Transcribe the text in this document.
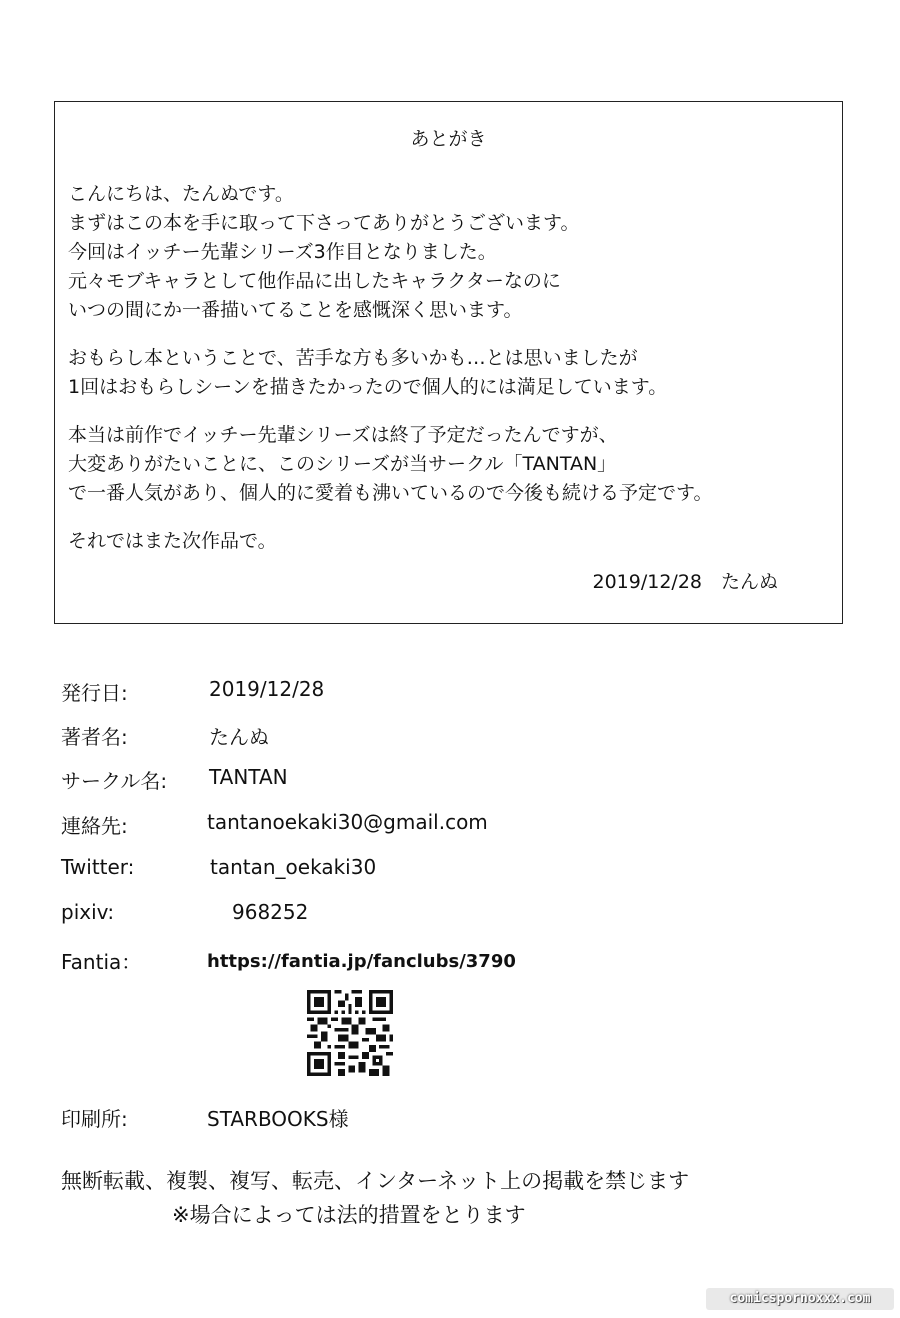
あとがき
こんにちは、たんぬです。
まずはこの本を手に取って下さってありがとうございます。
今回はイッチー先輩シリーズ3作目となりました。
元々モブキャラとして他作品に出したキャラクターなのに
いつの間にか一番描いてることを感慨深く思います。
おもらし本ということで、苦手な方も多いかも…とは思いましたが
1回はおもらしシーンを描きたかったので個人的には満足しています。
本当は前作でイッチー先輩シリーズは終了予定だったんですが、
大変ありがたいことに、このシリーズが当サークル「TANTAN」
で一番人気があり、個人的に愛着も沸いているので今後も続ける予定です。
それではまた次作品で。
2019/12/28　たんぬ
発行日:	2019/12/28
著者名:	たんぬ
サークル名: TANTAN
連絡先:	tantanoekaki30@gmail.com
Twitter:	tantan_oekaki30
pixiv:	968252
Fantia：	https://fantia.jp/fanclubs/3790
印刷所:	STARBOOKS様
無断転載、複製、複写、転売、インターネット上の掲載を禁じます
※場合によっては法的措置をとります
comicspornoxxx.com
